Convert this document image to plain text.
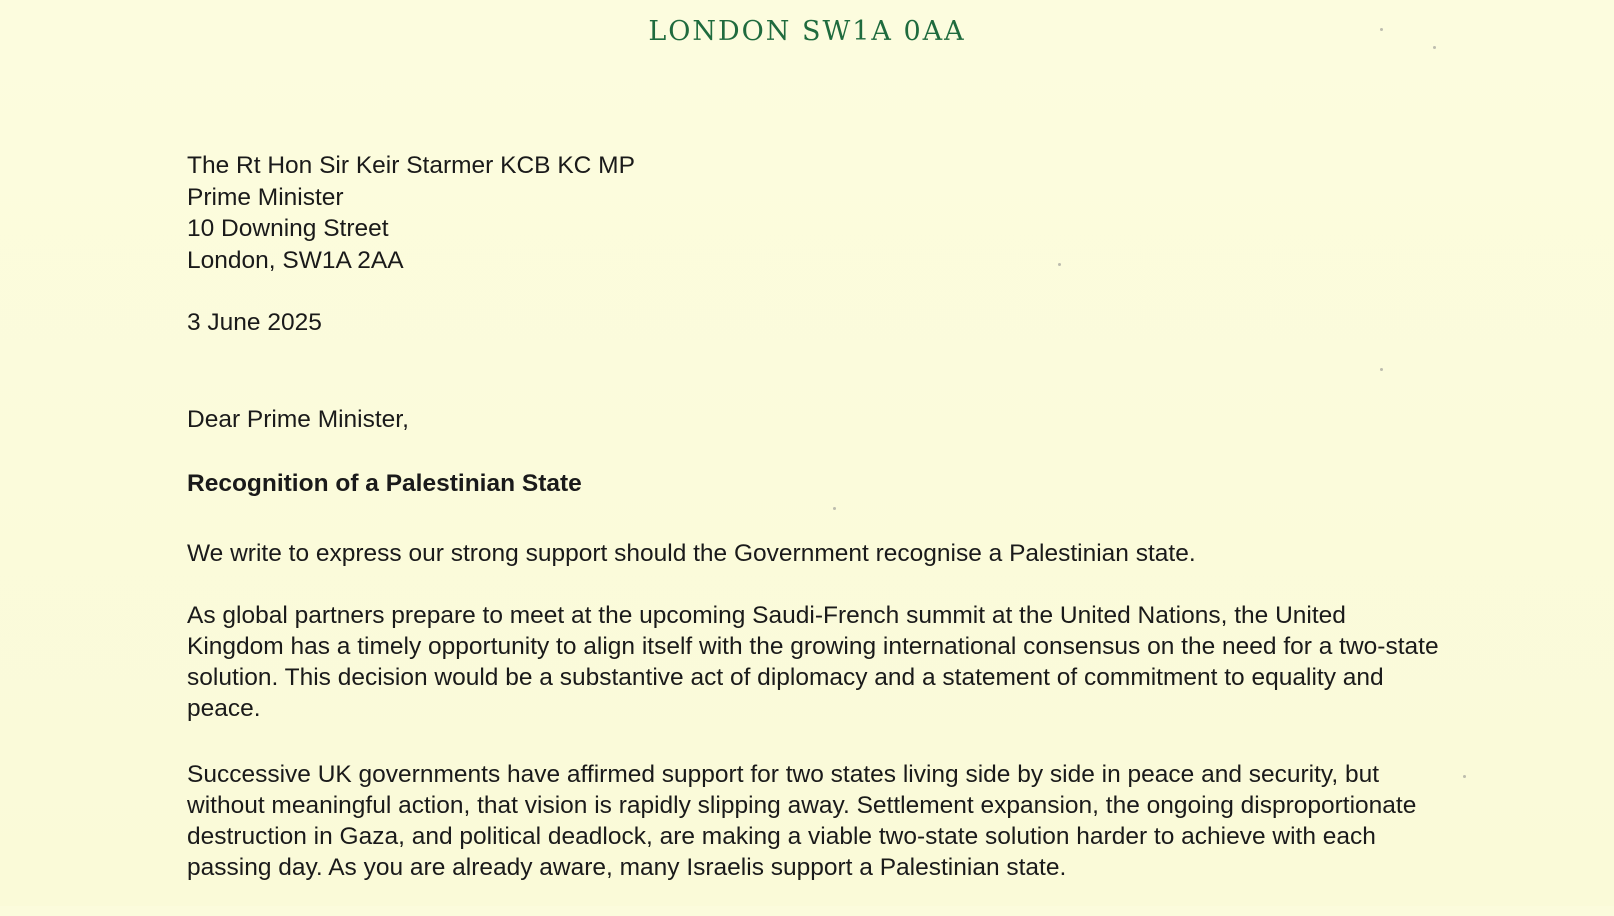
LONDON SW1A 0AA
The Rt Hon Sir Keir Starmer KCB KC MP
Prime Minister
10 Downing Street
London, SW1A 2AA
3 June 2025
Dear Prime Minister,
Recognition of a Palestinian State
We write to express our strong support should the Government recognise a Palestinian state.
As global partners prepare to meet at the upcoming Saudi-French summit at the United Nations, the United Kingdom has a timely opportunity to align itself with the growing international consensus on the need for a two-state solution. This decision would be a substantive act of diplomacy and a statement of commitment to equality and peace.
Successive UK governments have affirmed support for two states living side by side in peace and security, but without meaningful action, that vision is rapidly slipping away. Settlement expansion, the ongoing disproportionate destruction in Gaza, and political deadlock, are making a viable two-state solution harder to achieve with each passing day. As you are already aware, many Israelis support a Palestinian state.
